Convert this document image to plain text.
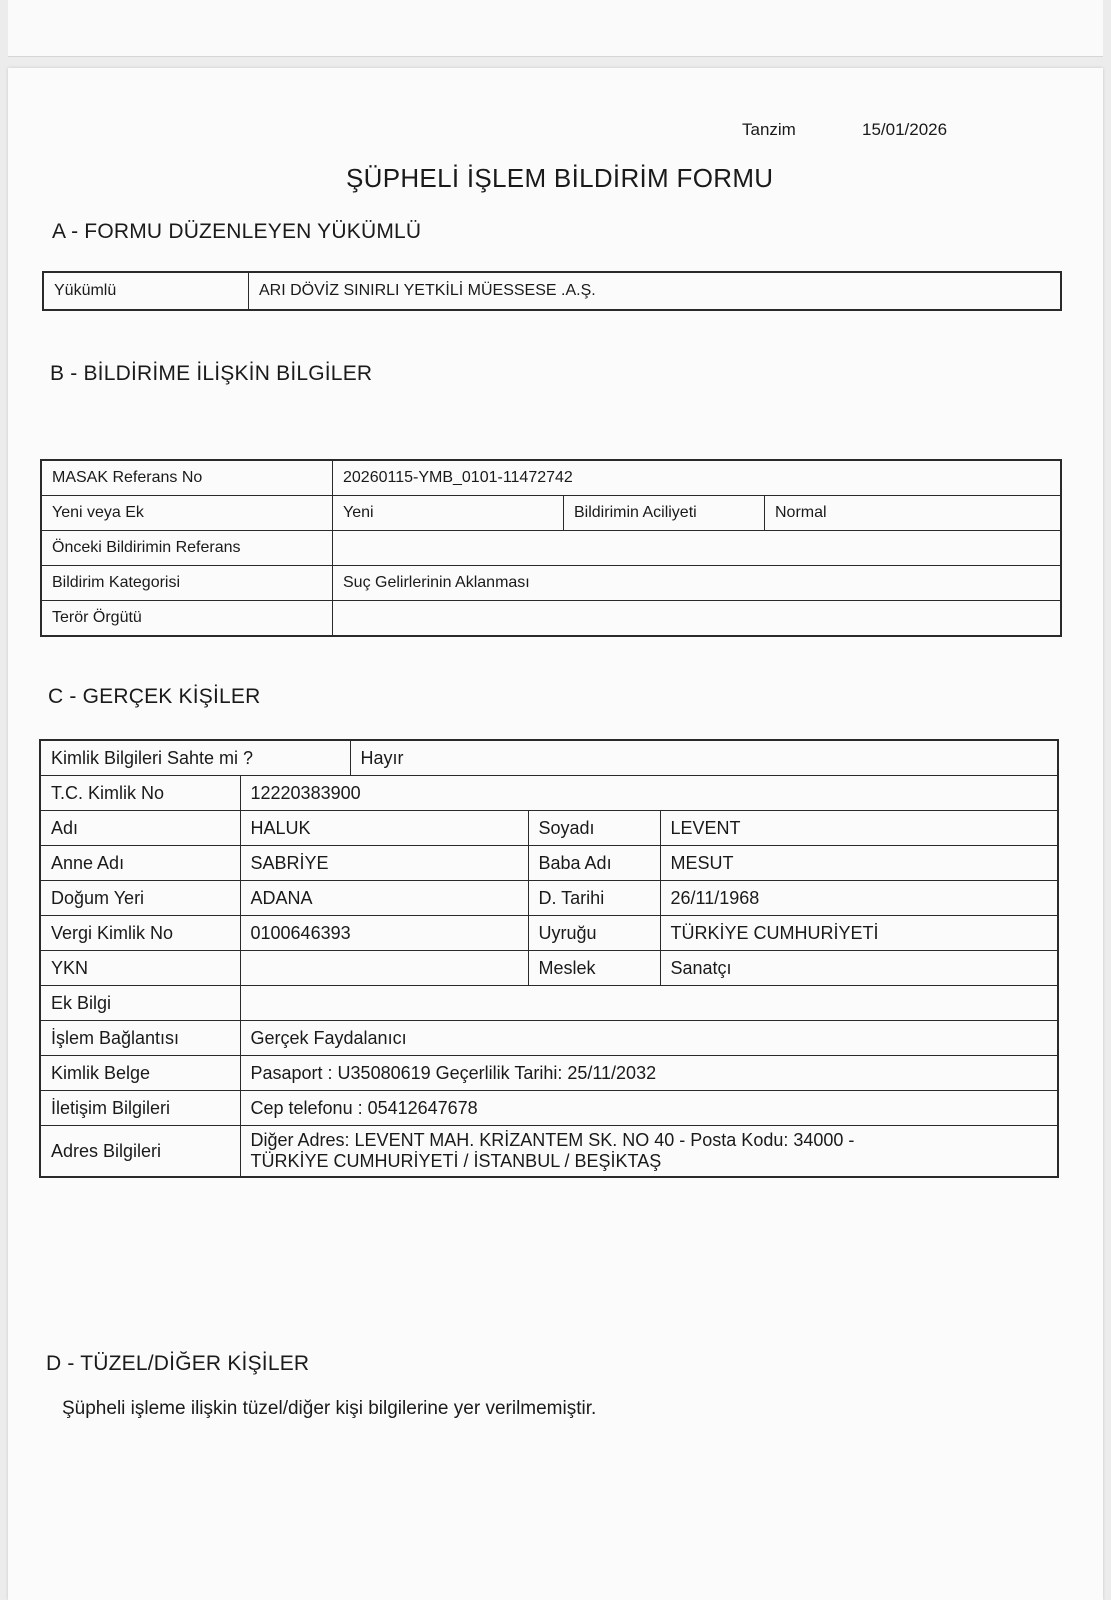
Tanzim	15/01/2026
ŞÜPHELİ İŞLEM BİLDİRİM FORMU
A - FORMU DÜZENLEYEN YÜKÜMLÜ
Yükümlü	ARI DÖVİZ SINIRLI YETKİLİ MÜESSESE .A.Ş.
B - BİLDİRİME İLİŞKİN BİLGİLER
MASAK Referans No	20260115-YMB_0101-11472742		
Yeni veya Ek	Yeni	Bildirimin Aciliyeti	Normal
Önceki Bildirimin Referans			
Bildirim Kategorisi	Suç Gelirlerinin Aklanması		
Terör Örgütü			
C - GERÇEK KİŞİLER
Kimlik Bilgileri Sahte mi ?		Hayır		
T.C. Kimlik No	12220383900			
Adı	HALUK		Soyadı	LEVENT
Anne Adı	SABRİYE		Baba Adı	MESUT
Doğum Yeri	ADANA		D. Tarihi	26/11/1968
Vergi Kimlik No	0100646393		Uyruğu	TÜRKİYE CUMHURİYETİ
YKN			Meslek	Sanatçı
Ek Bilgi				
İşlem Bağlantısı	Gerçek Faydalanıcı			
Kimlik Belge	Pasaport : U35080619 Geçerlilik Tarihi: 25/11/2032			
İletişim Bilgileri	Cep telefonu : 05412647678			
Adres Bilgileri	Diğer Adres: LEVENT MAH. KRİZANTEM SK. NO 40 - Posta Kodu: 34000 -
TÜRKİYE CUMHURİYETİ / İSTANBUL / BEŞİKTAŞ			
D - TÜZEL/DİĞER KİŞİLER
Şüpheli işleme ilişkin tüzel/diğer kişi bilgilerine yer verilmemiştir.
